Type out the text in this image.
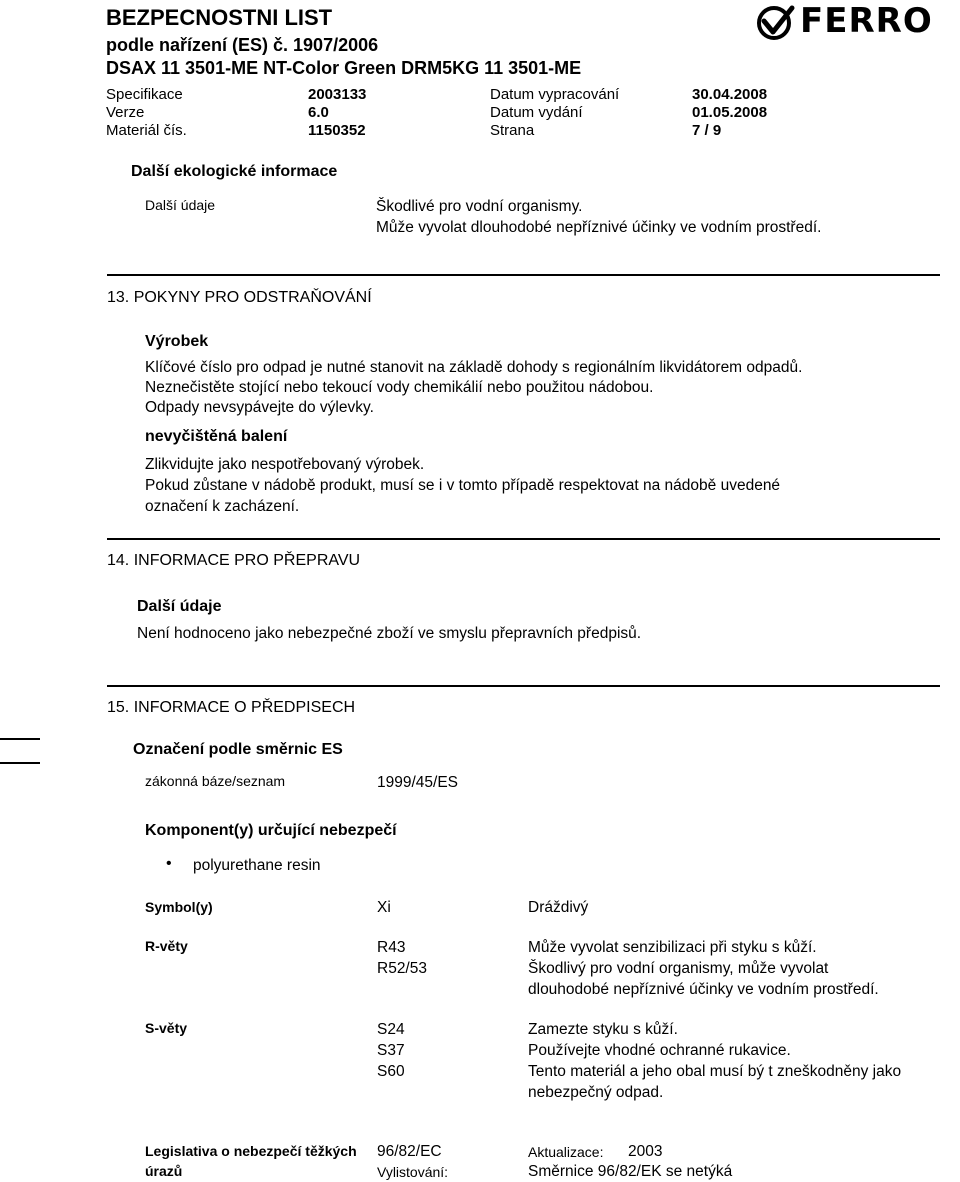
BEZPECNOSTNI LIST
podle nařízení (ES) č. 1907/2006
DSAX 11 3501-ME NT-Color Green DRM5KG 11 3501-ME
FERRO
Specifikace	2003133	Datum vypracování	30.04.2008
Verze	6.0	Datum vydání	01.05.2008
Materiál čís.	1150352	Strana	7 / 9
Další ekologické informace
Další údaje	Škodlivé pro vodní organismy.
Může vyvolat dlouhodobé nepříznivé účinky ve vodním prostředí.
13. POKYNY PRO ODSTRAŇOVÁNÍ
Výrobek
Klíčové číslo pro odpad je nutné stanovit na základě dohody s regionálním likvidátorem odpadů.
Neznečistěte stojící nebo tekoucí vody chemikálií nebo použitou nádobou.
Odpady nevsypávejte do výlevky.
nevyčištěná balení
Zlikvidujte jako nespotřebovaný výrobek.
Pokud zůstane v nádobě produkt, musí se i v tomto případě respektovat na nádobě uvedené
označení k zacházení.
14. INFORMACE PRO PŘEPRAVU
Další údaje
Není hodnoceno jako nebezpečné zboží ve smyslu přepravních předpisů.
15. INFORMACE O PŘEDPISECH
Označení podle směrnic ES
zákonná báze/seznam	1999/45/ES
Komponent(y) určující nebezpečí
• polyurethane resin
Symbol(y)	Xi	Dráždivý
R-věty	R43	Může vyvolat senzibilizaci při styku s kůží.
R52/53	Škodlivý pro vodní organismy, může vyvolat
dlouhodobé nepříznivé účinky ve vodním prostředí.
S-věty	S24	Zamezte styku s kůží.
S37	Používejte vhodné ochranné rukavice.
S60	Tento materiál a jeho obal musí bý t zneškodněny jako
nebezpečný odpad.
Legislativa o nebezpečí těžkých
úrazů
96/82/EC	Aktualizace: 2003
Vylistování:	Směrnice 96/82/EK se netýká
